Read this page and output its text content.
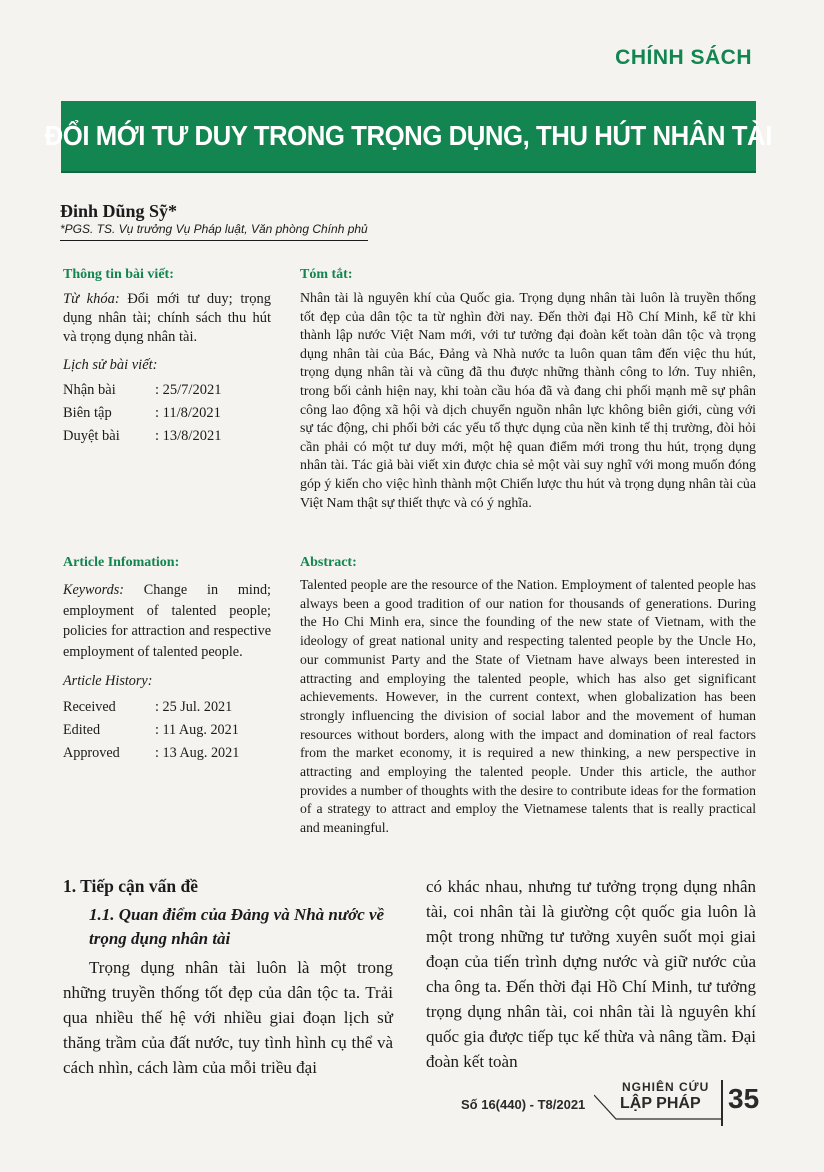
CHÍNH SÁCH
ĐỔI MỚI TƯ DUY TRONG TRỌNG DỤNG, THU HÚT NHÂN TÀI
Đinh Dũng Sỹ*
*PGS. TS. Vụ trưởng Vụ Pháp luật, Văn phòng Chính phủ
Thông tin bài viết:
Từ khóa: Đổi mới tư duy; trọng dụng nhân tài; chính sách thu hút và trọng dụng nhân tài.
Lịch sử bài viết:
Nhận bài	: 25/7/2021
Biên tập	: 11/8/2021
Duyệt bài	: 13/8/2021
Tóm tắt:
Nhân tài là nguyên khí của Quốc gia. Trọng dụng nhân tài luôn là truyền thống tốt đẹp của dân tộc ta từ nghìn đời nay. Đến thời đại Hồ Chí Minh, kể từ khi thành lập nước Việt Nam mới, với tư tưởng đại đoàn kết toàn dân tộc và trọng dụng nhân tài của Bác, Đảng và Nhà nước ta luôn quan tâm đến việc thu hút, trọng dụng nhân tài và cũng đã thu được những thành công to lớn. Tuy nhiên, trong bối cảnh hiện nay, khi toàn cầu hóa đã và đang chi phối mạnh mẽ sự phân công lao động xã hội và dịch chuyển nguồn nhân lực không biên giới, cùng với sự tác động, chi phối bởi các yếu tố thực dụng của nền kinh tế thị trường, đòi hỏi cần phải có một tư duy mới, một hệ quan điểm mới trong thu hút, trọng dụng nhân tài. Tác giả bài viết xin được chia sẻ một vài suy nghĩ với mong muốn đóng góp ý kiến cho việc hình thành một Chiến lược thu hút và trọng dụng nhân tài của Việt Nam thật sự thiết thực và có ý nghĩa.
Article Infomation:
Keywords: Change in mind; employment of talented people; policies for attraction and respective employment of talented people.
Article History:
Received	: 25 Jul. 2021
Edited	: 11 Aug. 2021
Approved	: 13 Aug. 2021
Abstract:
Talented people are the resource of the Nation. Employment of talented people has always been a good tradition of our nation for thousands of generations. During the Ho Chi Minh era, since the founding of the new state of Vietnam, with the ideology of great national unity and respecting talented people by the Uncle Ho, our communist Party and the State of Vietnam have always been interested in attracting and employing the talented people, which has also get significant achievements. However, in the current context, when globalization has been strongly influencing the division of social labor and the movement of human resources without borders, along with the impact and domination of real factors from the market economy, it is required a new thinking, a new perspective in attracting and employing the talented people. Under this article, the author provides a number of thoughts with the desire to contribute ideas for the formation of a strategy to attract and employ the Vietnamese talents that is really practical and meaningful.
1. Tiếp cận vấn đề
1.1. Quan điểm của Đảng và Nhà nước về trọng dụng nhân tài

Trọng dụng nhân tài luôn là một trong những truyền thống tốt đẹp của dân tộc ta. Trải qua nhiều thế hệ với nhiều giai đoạn lịch sử thăng trầm của đất nước, tuy tình hình cụ thể và cách nhìn, cách làm của mỗi triều đại

có khác nhau, nhưng tư tưởng trọng dụng nhân tài, coi nhân tài là giường cột quốc gia luôn là một trong những tư tưởng xuyên suốt mọi giai đoạn của tiến trình dựng nước và giữ nước của cha ông ta. Đến thời đại Hồ Chí Minh, tư tưởng trọng dụng nhân tài, coi nhân tài là nguyên khí quốc gia được tiếp tục kế thừa và nâng tầm. Đại đoàn kết toàn
Số 16(440) - T8/2021
NGHIÊN CỨU
LẬP PHÁP 35
